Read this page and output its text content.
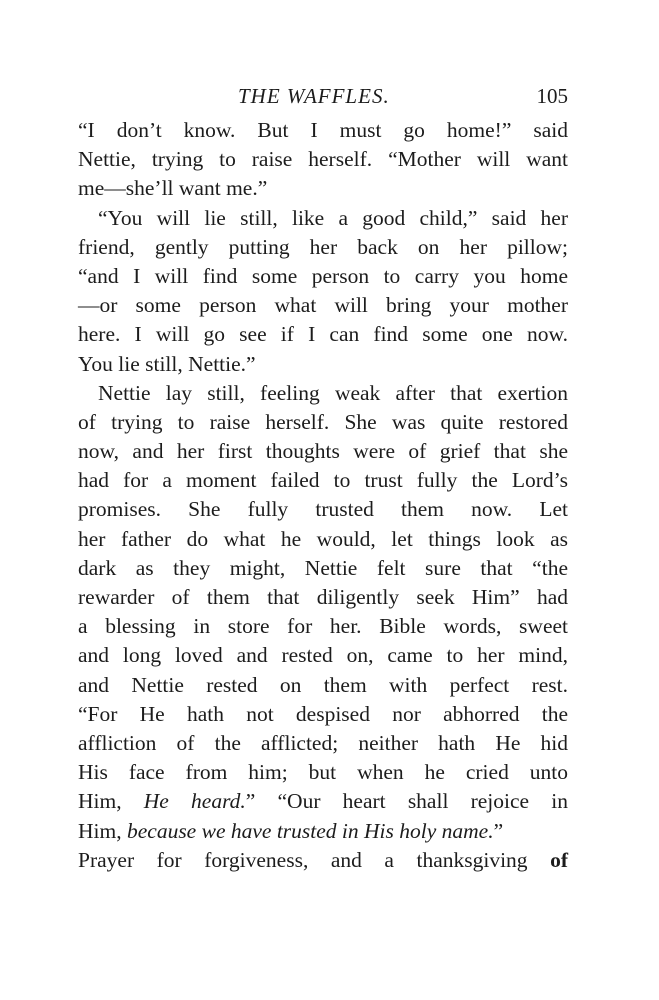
THE WAFFLES.	105
“I don’t know. But I must go home!” said
Nettie, trying to raise herself. “Mother will want
me—she’ll want me.”
“You will lie still, like a good child,” said her
friend, gently putting her back on her pillow;
“and I will find some person to carry you home
—or some person what will bring your mother
here. I will go see if I can find some one now.
You lie still, Nettie.”
Nettie lay still, feeling weak after that exertion
of trying to raise herself. She was quite restored
now, and her first thoughts were of grief that she
had for a moment failed to trust fully the Lord’s
promises. She fully trusted them now. Let
her father do what he would, let things look as
dark as they might, Nettie felt sure that “the
rewarder of them that diligently seek Him” had
a blessing in store for her. Bible words, sweet
and long loved and rested on, came to her mind,
and Nettie rested on them with perfect rest.
“For He hath not despised nor abhorred the
affliction of the afflicted; neither hath He hid
His face from him; but when he cried unto
Him, He heard.” “Our heart shall rejoice in
Him, because we have trusted in His holy name.”
Prayer for forgiveness, and a thanksgiving of
